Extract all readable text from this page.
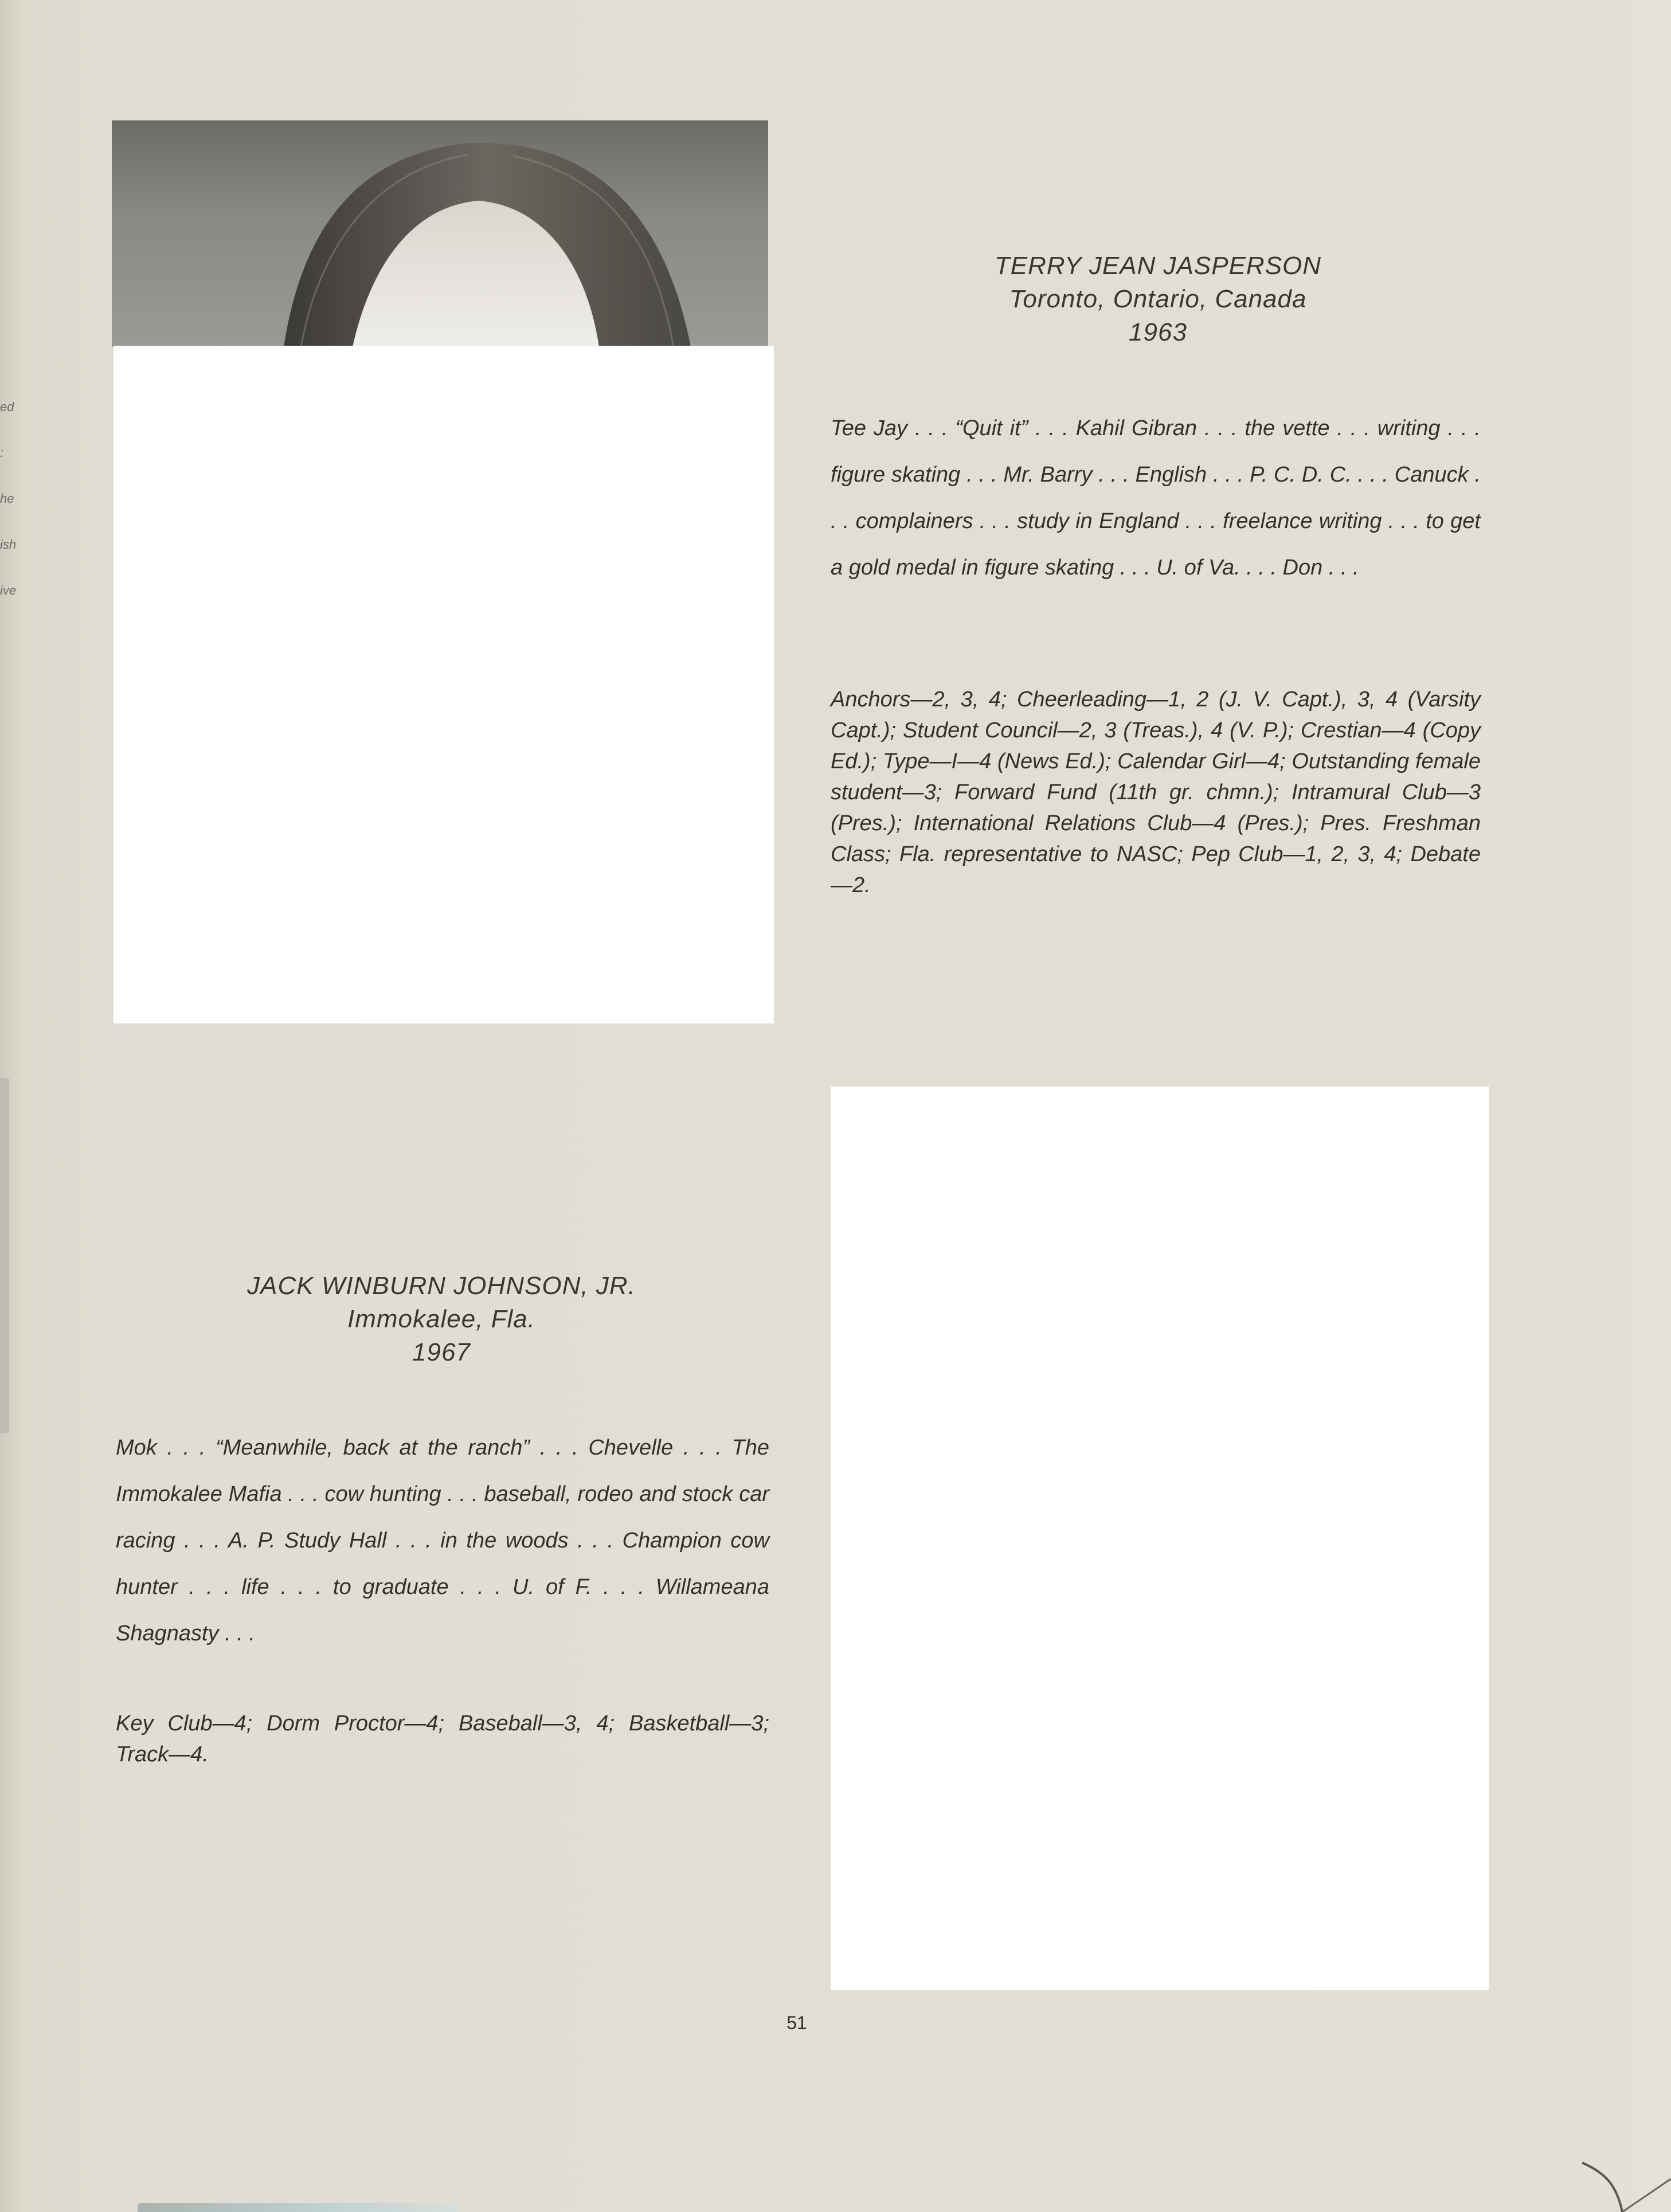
ed
:
he
ish
ive
TERRY JEAN JASPERSON
Toronto, Ontario, Canada
1963
Tee Jay . . . “Quit it” . . . Kahil Gibran . . . the vette . . . writing . . . figure skating . . . Mr. Barry . . . English . . . P. C. D. C. . . . Canuck . . . complainers . . . study in England . . . freelance writing . . . to get a gold medal in figure skating . . . U. of Va. . . . Don . . .
Anchors—2, 3, 4; Cheerleading—1, 2 (J. V. Capt.), 3, 4 (Varsity Capt.); Student Council—2, 3 (Treas.), 4 (V. P.); Crestian—4 (Copy Ed.); Type—I—4 (News Ed.); Calendar Girl—4; Outstanding female student—3; Forward Fund (11th gr. chmn.); Intramural Club—3 (Pres.); International Relations Club—4 (Pres.); Pres. Freshman Class; Fla. representative to NASC; Pep Club—1, 2, 3, 4; Debate—2.
JACK WINBURN JOHNSON, JR.
Immokalee, Fla.
1967
Mok . . . “Meanwhile, back at the ranch” . . . Chevelle . . . The Immokalee Mafia . . . cow hunting . . . baseball, rodeo and stock car racing . . . A. P. Study Hall . . . in the woods . . . Champion cow hunter . . . life . . . to graduate . . . U. of F. . . . Willameana Shagnasty . . .
Key Club—4; Dorm Proctor—4; Baseball—3, 4; Basketball—3; Track—4.
51
